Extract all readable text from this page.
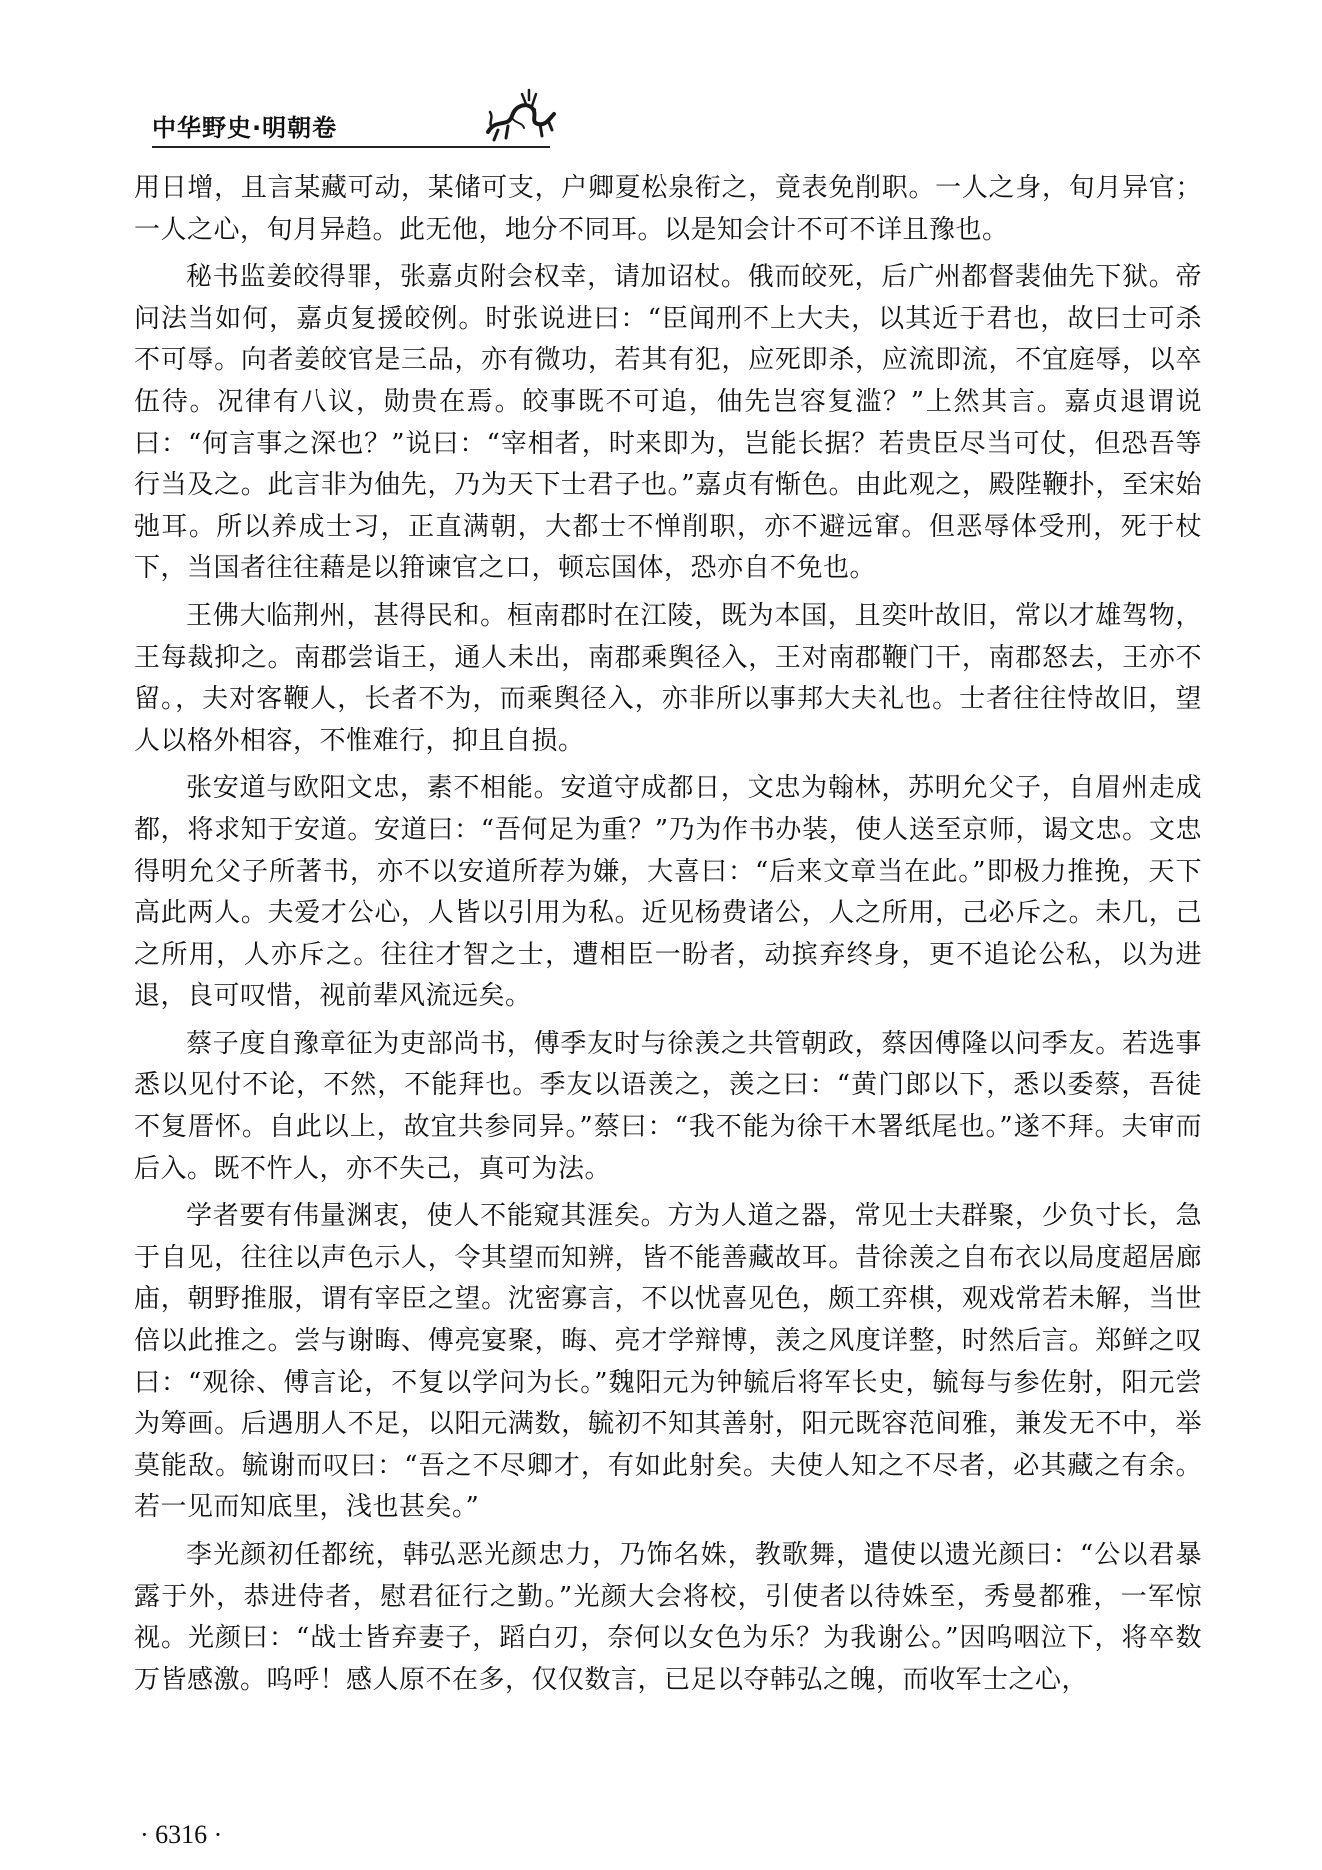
中华野史·明朝卷

用日增，且言某藏可动，某储可支，户卿夏松泉衔之，竟表免削职。一人之身，旬月异官；一人之心，旬月异趋。此无他，地分不同耳。以是知会计不可不详且豫也。

秘书监姜皎得罪，张嘉贞附会权幸，请加诏杖。俄而皎死，后广州都督裴伷先下狱。帝问法当如何，嘉贞复援皎例。时张说进曰：“臣闻刑不上大夫，以其近于君也，故曰士可杀不可辱。向者姜皎官是三品，亦有微功，若其有犯，应死即杀，应流即流，不宜庭辱，以卒伍待。况律有八议，勋贵在焉。皎事既不可追，伷先岂容复滥？”上然其言。嘉贞退谓说曰：“何言事之深也？”说曰：“宰相者，时来即为，岂能长据？若贵臣尽当可仗，但恐吾等行当及之。此言非为伷先，乃为天下士君子也。”嘉贞有惭色。由此观之，殿陛鞭扑，至宋始弛耳。所以养成士习，正直满朝，大都士不惮削职，亦不避远窜。但恶辱体受刑，死于杖下，当国者往往藉是以箝谏官之口，顿忘国体，恐亦自不免也。

王佛大临荆州，甚得民和。桓南郡时在江陵，既为本国，且奕叶故旧，常以才雄驾物，王每裁抑之。南郡尝诣王，通人未出，南郡乘舆径入，王对南郡鞭门干，南郡怒去，王亦不留。，夫对客鞭人，长者不为，而乘舆径入，亦非所以事邦大夫礼也。士者往往恃故旧，望人以格外相容，不惟难行，抑且自损。

张安道与欧阳文忠，素不相能。安道守成都日，文忠为翰林，苏明允父子，自眉州走成都，将求知于安道。安道曰：“吾何足为重？”乃为作书办装，使人送至京师，谒文忠。文忠得明允父子所著书，亦不以安道所荐为嫌，大喜曰：“后来文章当在此。”即极力推挽，天下高此两人。夫爱才公心，人皆以引用为私。近见杨费诸公，人之所用，己必斥之。未几，己之所用，人亦斥之。往往才智之士，遭相臣一盼者，动摈弃终身，更不追论公私，以为进退，良可叹惜，视前辈风流远矣。

蔡子度自豫章征为吏部尚书，傅季友时与徐羡之共管朝政，蔡因傅隆以问季友。若选事悉以见付不论，不然，不能拜也。季友以语羡之，羡之曰：“黄门郎以下，悉以委蔡，吾徒不复厝怀。自此以上，故宜共参同异。”蔡曰：“我不能为徐干木署纸尾也。”遂不拜。夫审而后入。既不忤人，亦不失己，真可为法。

学者要有伟量渊衷，使人不能窥其涯矣。方为人道之器，常见士夫群聚，少负寸长，急于自见，往往以声色示人，令其望而知辨，皆不能善藏故耳。昔徐羡之自布衣以局度超居廊庙，朝野推服，谓有宰臣之望。沈密寡言，不以忧喜见色，颇工弈棋，观戏常若未解，当世倍以此推之。尝与谢晦、傅亮宴聚，晦、亮才学辩博，羡之风度详整，时然后言。郑鲜之叹曰：“观徐、傅言论，不复以学问为长。”魏阳元为钟毓后将军长史，毓每与参佐射，阳元尝为筹画。后遇朋人不足，以阳元满数，毓初不知其善射，阳元既容范间雅，兼发无不中，举莫能敌。毓谢而叹曰：“吾之不尽卿才，有如此射矣。夫使人知之不尽者，必其藏之有余。若一见而知底里，浅也甚矣。”

李光颜初任都统，韩弘恶光颜忠力，乃饰名姝，教歌舞，遣使以遗光颜曰：“公以君暴露于外，恭进侍者，慰君征行之勤。”光颜大会将校，引使者以待姝至，秀曼都雅，一军惊视。光颜曰：“战士皆弃妻子，蹈白刃，奈何以女色为乐？为我谢公。”因呜咽泣下，将卒数万皆感激。呜呼！感人原不在多，仅仅数言，已足以夺韩弘之魄，而收军士之心，

· 6316 ·
